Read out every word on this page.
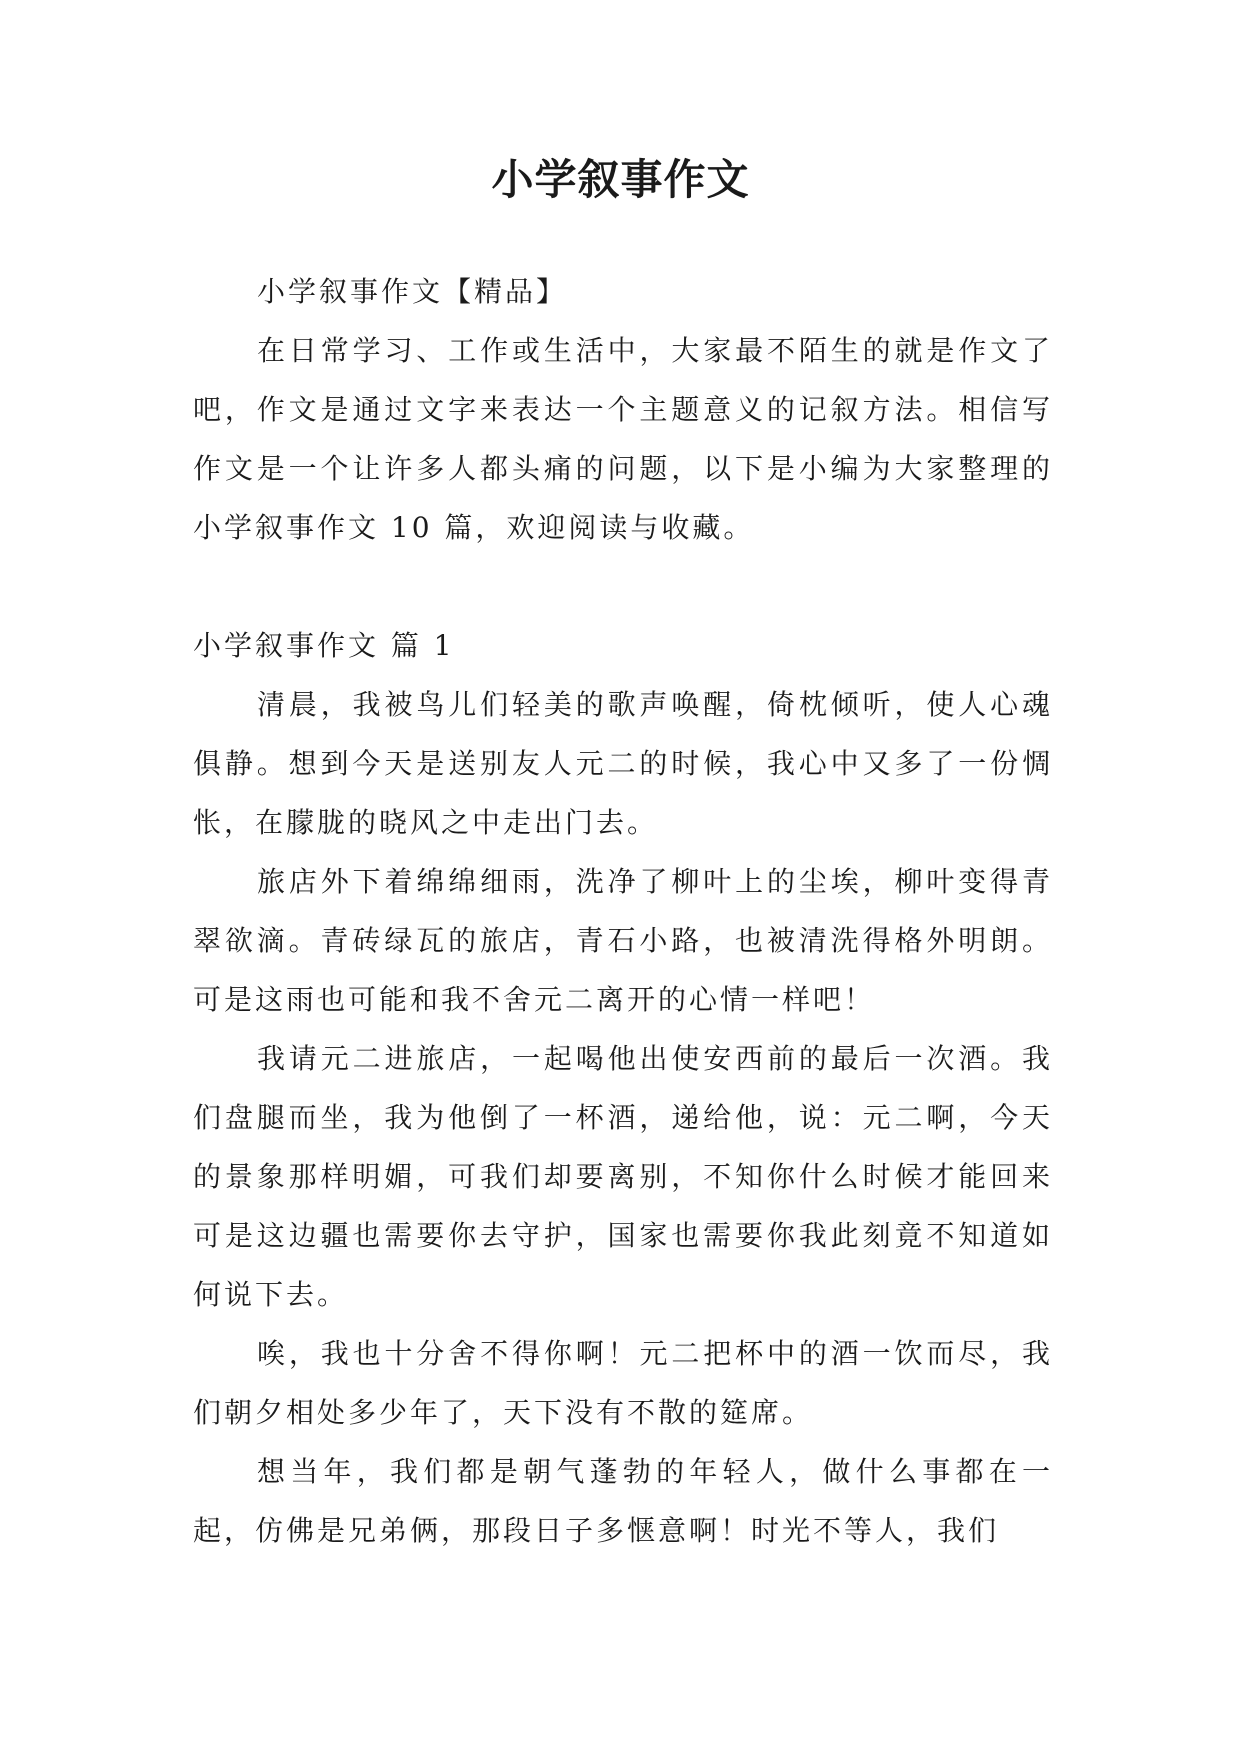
小学叙事作文

小学叙事作文【精品】

在日常学习、工作或生活中，大家最不陌生的就是作文了吧，作文是通过文字来表达一个主题意义的记叙方法。相信写作文是一个让许多人都头痛的问题，以下是小编为大家整理的小学叙事作文 10 篇，欢迎阅读与收藏。

小学叙事作文 篇 1

清晨，我被鸟儿们轻美的歌声唤醒，倚枕倾听，使人心魂俱静。想到今天是送别友人元二的时候，我心中又多了一份惆怅，在朦胧的晓风之中走出门去。

旅店外下着绵绵细雨，洗净了柳叶上的尘埃，柳叶变得青翠欲滴。青砖绿瓦的旅店，青石小路，也被清洗得格外明朗。可是这雨也可能和我不舍元二离开的心情一样吧！

我请元二进旅店，一起喝他出使安西前的最后一次酒。我们盘腿而坐，我为他倒了一杯酒，递给他，说：元二啊，今天的景象那样明媚，可我们却要离别，不知你什么时候才能回来可是这边疆也需要你去守护，国家也需要你我此刻竟不知道如何说下去。

唉，我也十分舍不得你啊！元二把杯中的酒一饮而尽，我们朝夕相处多少年了，天下没有不散的筵席。

想当年，我们都是朝气蓬勃的年轻人，做什么事都在一起，仿佛是兄弟俩，那段日子多惬意啊！时光不等人，我们
